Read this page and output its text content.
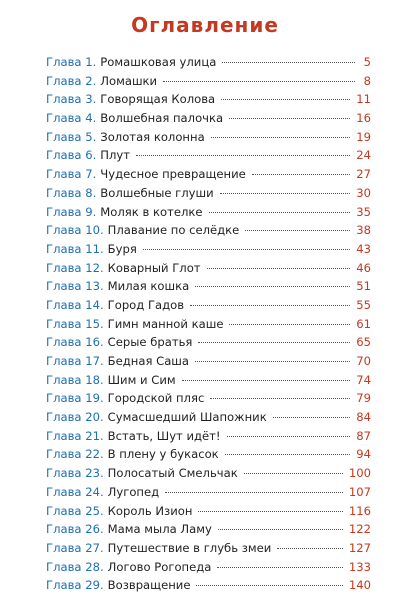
Оглавление
Глава 1. Ромашковая улица	5
Глава 2. Ломашки	8
Глава 3. Говорящая Колова	11
Глава 4. Волшебная палочка	16
Глава 5. Золотая колонна	19
Глава 6. Плут	24
Глава 7. Чудесное превращение	27
Глава 8. Волшебные глуши	30
Глава 9. Моляк в котелке	35
Глава 10. Плавание по селёдке	38
Глава 11. Буря	43
Глава 12. Коварный Глот	46
Глава 13. Милая кошка	51
Глава 14. Город Гадов	55
Глава 15. Гимн манной каше	61
Глава 16. Серые братья	65
Глава 17. Бедная Саша	70
Глава 18. Шим и Сим	74
Глава 19. Городской пляс	79
Глава 20. Сумасшедший Шапожник	84
Глава 21. Встать, Шут идёт!	87
Глава 22. В плену у букасок	94
Глава 23. Полосатый Смельчак	100
Глава 24. Лугопед	107
Глава 25. Король Изион	116
Глава 26. Мама мыла Ламу	122
Глава 27. Путешествие в глубь змеи	127
Глава 28. Логово Рогопеда	133
Глава 29. Возвращение	140
